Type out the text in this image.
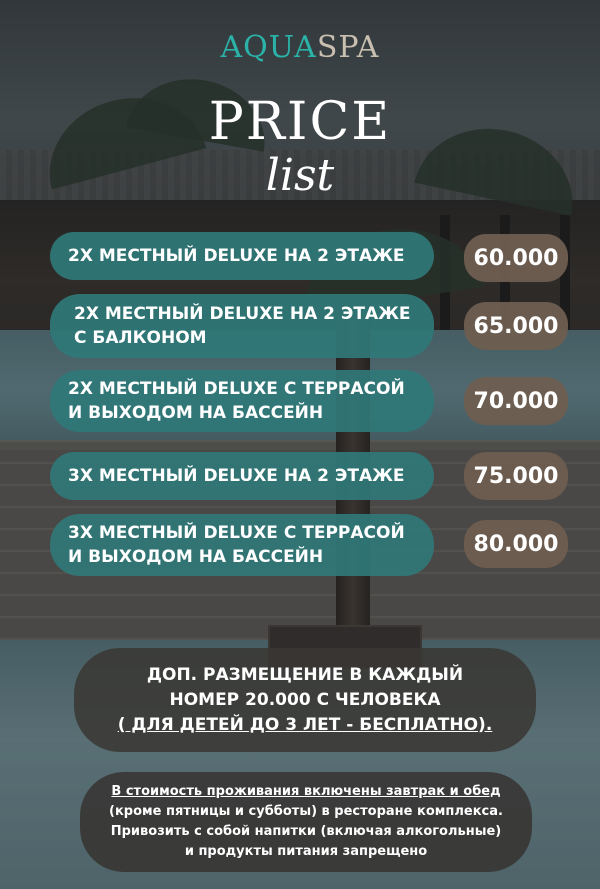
AQUASPA
PRICE
list
2X МЕСТНЫЙ DELUXE НА 2 ЭТАЖЕ	60.000
2X МЕСТНЫЙ DELUXE НА 2 ЭТАЖЕ
С БАЛКОНОМ	65.000
2X МЕСТНЫЙ DELUXE С ТЕРРАСОЙ
И ВЫХОДОМ НА БАССЕЙН	70.000
3X МЕСТНЫЙ DELUXE НА 2 ЭТАЖЕ	75.000
3X МЕСТНЫЙ DELUXE С ТЕРРАСОЙ
И ВЫХОДОМ НА БАССЕЙН
80.000
ДОП. РАЗМЕЩЕНИЕ В КАЖДЫЙ
НОМЕР 20.000 С ЧЕЛОВЕКА
( ДЛЯ ДЕТЕЙ ДО 3 ЛЕТ - БЕСПЛАТНО).
В стоимость проживания включены завтрак и обед
(кроме пятницы и субботы) в ресторане комплекса.
Привозить с собой напитки (включая алкогольные)
и продукты питания запрещено
